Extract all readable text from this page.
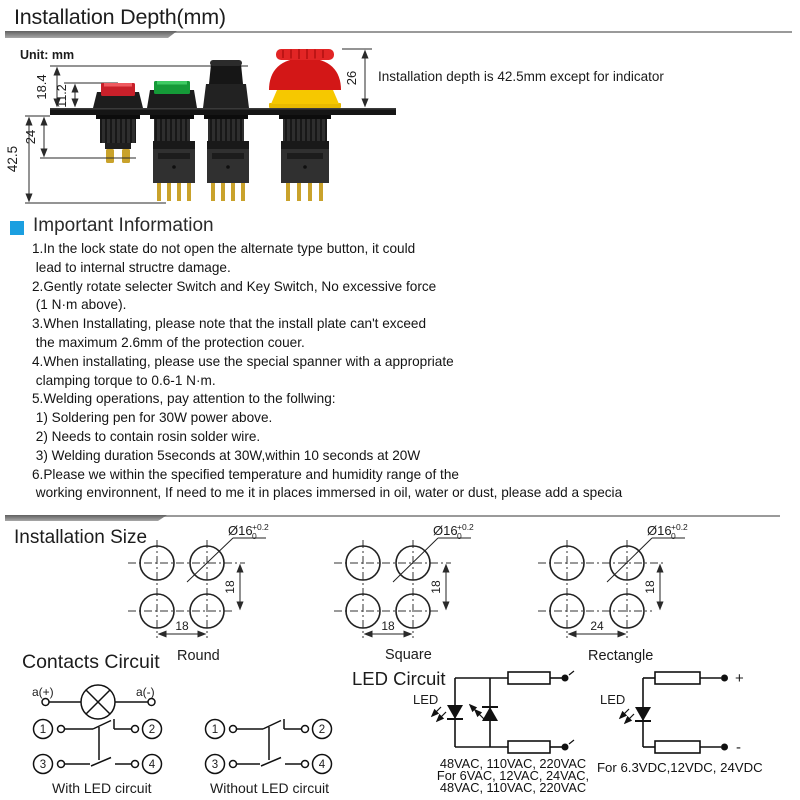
Installation Depth(mm)
Unit: mm
18.4 11.2
26 Installation depth is 42.5mm except for indicator
42.5
24
Important Information
1.In the lock state do not open the alternate type button, it could
lead to internal structre damage.
2.Gently rotate selecter Switch and Key Switch, No excessive force
(1 N·m above).
3.When Installating, please note that the install plate can't exceed
the maximum 2.6mm of the protection couer.
4.When installating, please use the special spanner with a appropriate
clamping torque to 0.6-1 N·m.
5.Welding operations, pay attention to the follwing:
1) Soldering pen for 30W power above.
2) Needs to contain rosin solder wire.
3) Welding duration 5seconds at 30W,within 10 seconds at 20W
6.Please we within the specified temperature and humidity range of the
working environnent, If need to me it in places immersed in oil, water or dust, please add a specia
Installation Size	Ø16 +0.2
0
18
18
Round
Ø16 +0.2
0
18
18
Square
Ø16 +0.2
0
18
24
Rectangle
Contacts Circuit
a(+)	a(-)
1	2
3	4
With LED circuit
1	2
3	4
Without LED circuit
LED Circuit
LED	LED
+
-
48VAC, 110VAC, 220VAC
For 6VAC, 12VAC, 24VAC,
48VAC, 110VAC, 220VAC
For 6.3VDC,12VDC, 24VDC
